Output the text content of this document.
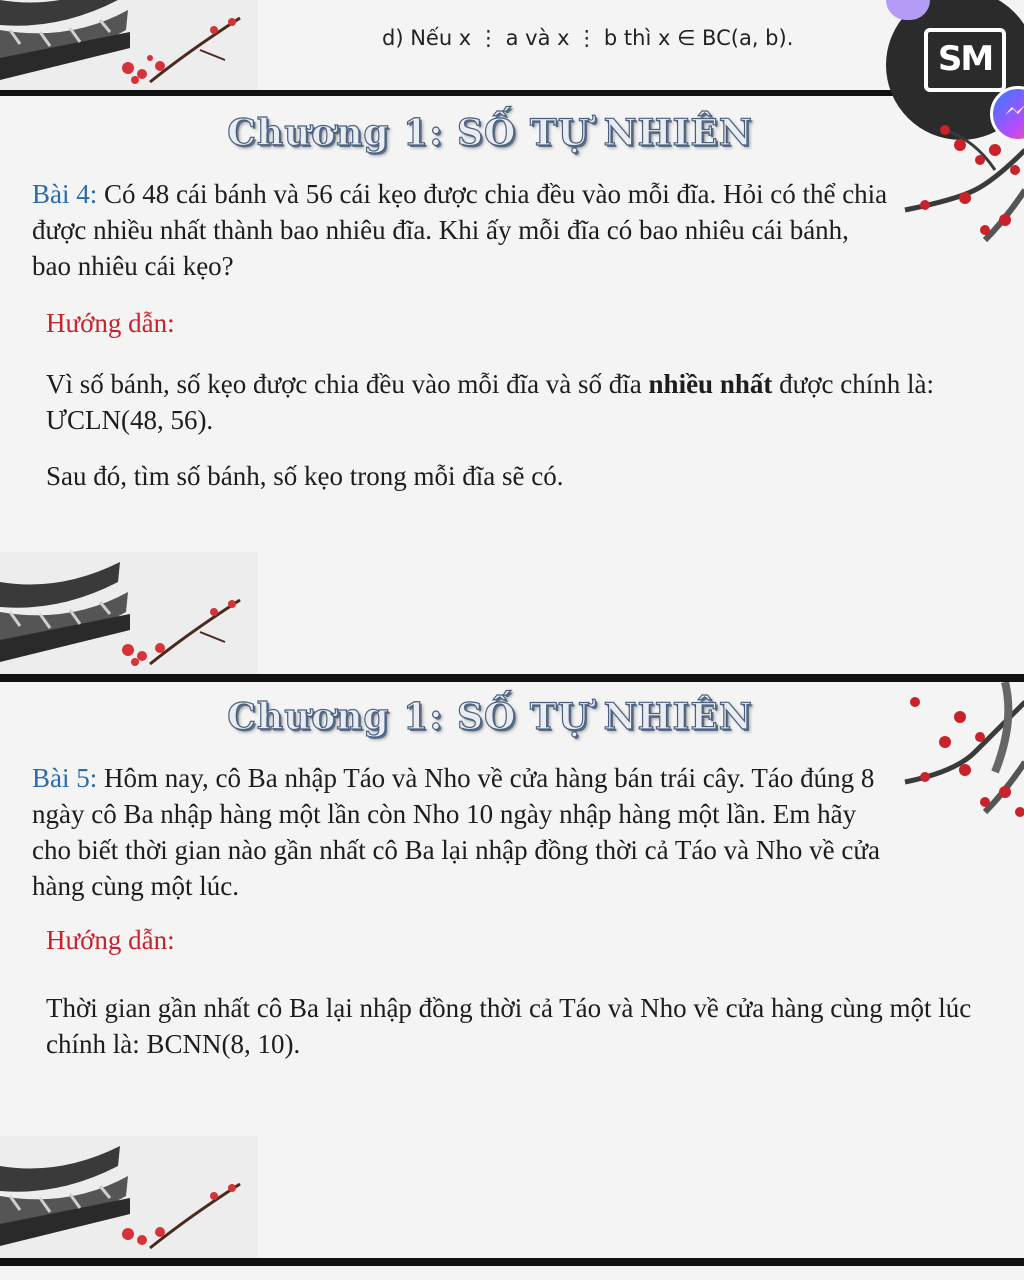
d) Nếu x ⋮ a và x ⋮ b thì x ∈ BC(a, b).
SM
Chương 1: SỐ TỰ NHIÊN
Bài 4: Có 48 cái bánh và 56 cái kẹo được chia đều vào mỗi đĩa. Hỏi có thể chia được nhiều nhất thành bao nhiêu đĩa. Khi ấy mỗi đĩa có bao nhiêu cái bánh, bao nhiêu cái kẹo?
Hướng dẫn:
Vì số bánh, số kẹo được chia đều vào mỗi đĩa và số đĩa nhiều nhất được chính là: ƯCLN(48, 56).
Sau đó, tìm số bánh, số kẹo trong mỗi đĩa sẽ có.
Chương 1: SỐ TỰ NHIÊN
Bài 5: Hôm nay, cô Ba nhập Táo và Nho về cửa hàng bán trái cây. Táo đúng 8 ngày cô Ba nhập hàng một lần còn Nho 10 ngày nhập hàng một lần. Em hãy cho biết thời gian nào gần nhất cô Ba lại nhập đồng thời cả Táo và Nho về cửa hàng cùng một lúc.
Hướng dẫn:
Thời gian gần nhất cô Ba lại nhập đồng thời cả Táo và Nho về cửa hàng cùng một lúc chính là: BCNN(8, 10).
